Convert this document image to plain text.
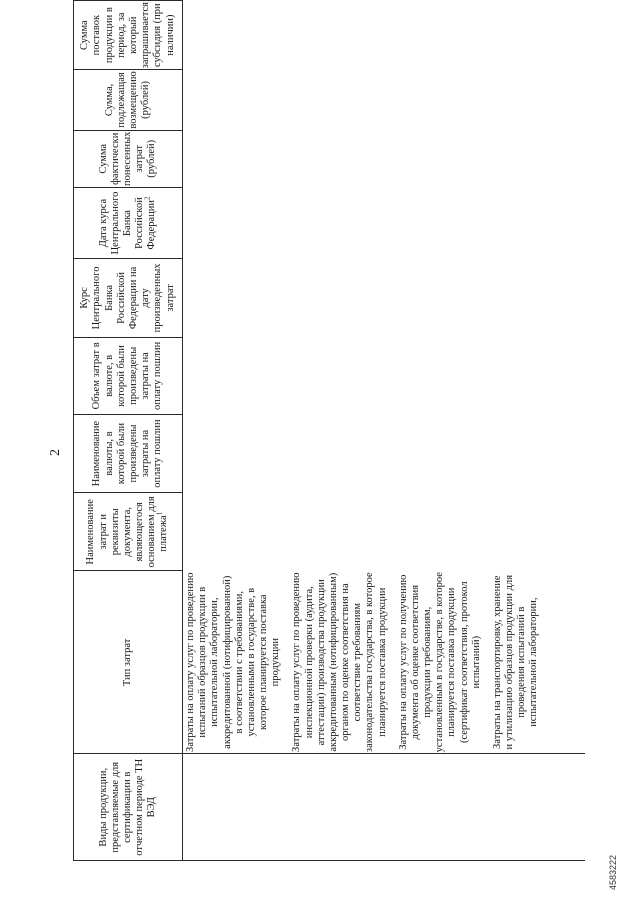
2
Виды продукции, представляемые для сертификации в отчетном периоде ТН ВЭД	Тип затрат	Наименование затрат и реквизиты документа, являющегося основанием для платежа$^1$	Наименование валюты, в которой были произведены затраты на оплату пошлин	Объем затрат в валюте, в которой были произведены затраты на оплату пошлин	Курс Центрального Банка Российской Федерации на дату произведенных затрат	Дата курса Центрального Банка Российской Федерации$^2$	Сумма фактически понесенных затрат (рублей)	Сумма, подлежащая возмещению (рублей)	Сумма поставок продукции в период, за который запрашивается субсидия (при наличии)

	Затраты на оплату услуг по проведению испытаний образцов продукции в испытательной лаборатории, аккредитованной (нотифицированной) в соответствии с требованиями, установленными в государстве, в которое планируется поставка продукции Затраты на оплату услуг по проведению инспекционной проверки (аудита, аттестации) производства продукции аккредитованным (нотифицированным) органом по оценке соответствия на соответствие требованиям законодательства государства, в которое планируется поставка продукции Затраты на оплату услуг по получению документа об оценке соответствия продукции требованиям, установленным в государстве, в которое планируется поставка продукции (сертификат соответствия, протокол испытаний) Затраты на транспортировку, хранение и утилизацию образцов продукции для проведения испытаний в испытательной лаборатории,								

4583222
